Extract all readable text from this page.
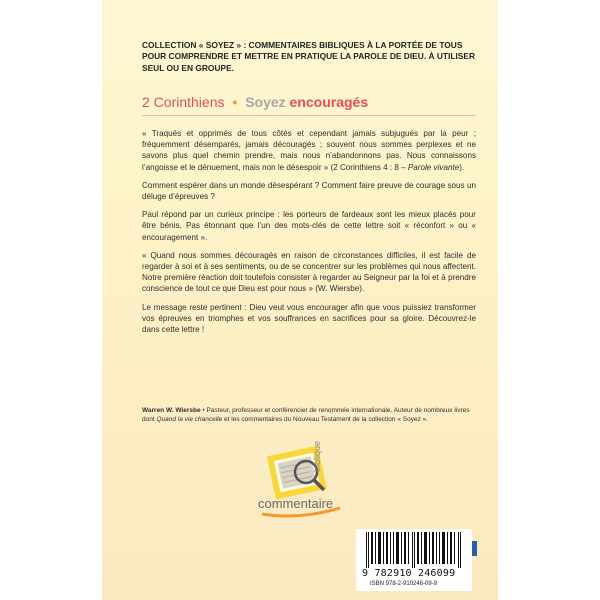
COLLECTION « SOYEZ » : COMMENTAIRES BIBLIQUES À LA PORTÉE DE TOUS POUR COMPRENDRE ET METTRE EN PRATIQUE LA PAROLE DE DIEU. À UTILISER SEUL OU EN GROUPE.
2 Corinthiens • Soyez encouragés

« Traqués et opprimés de tous côtés et cependant jamais subjugués par la peur ; fréquemment désemparés, jamais découragés ; souvent nous sommes perplexes et ne savons plus quel chemin prendre, mais nous n’abandonnons pas. Nous connaissons l’angoisse et le dénuement, mais non le désespoir » (2 Corinthiens 4 : 8 – Parole vivante).

Comment espérer dans un monde désespérant ? Comment faire preuve de courage sous un déluge d’épreuves ?

Paul répond par un curieux principe : les porteurs de fardeaux sont les mieux placés pour être bénis. Pas étonnant que l’un des mots-clés de cette lettre soit « réconfort » ou « encouragement ».

« Quand nous sommes découragés en raison de circonstances difficiles, il est facile de regarder à soi et à ses sentiments, ou de se concentrer sur les problèmes qui nous affectent. Notre première réaction doit toutefois consister à regarder au Seigneur par la foi et à prendre conscience de tout ce que Dieu est pour nous » (W. Wiersbe).

Le message reste pertinent : Dieu veut vous encourager afin que vous puissiez transformer vos épreuves en triomphes et vos souffrances en sacrifices pour sa gloire. Découvrez-le dans cette lettre !

Warren W. Wiersbe • Pasteur, professeur et conférencier de renommée internationale. Auteur de nombreux livres dont Quand la vie chancelle et les commentaires du Nouveau Testament de la collection « Soyez ».
biblique
commentaire
9 782910 246099
ISBN 978-2-910246-09-9
